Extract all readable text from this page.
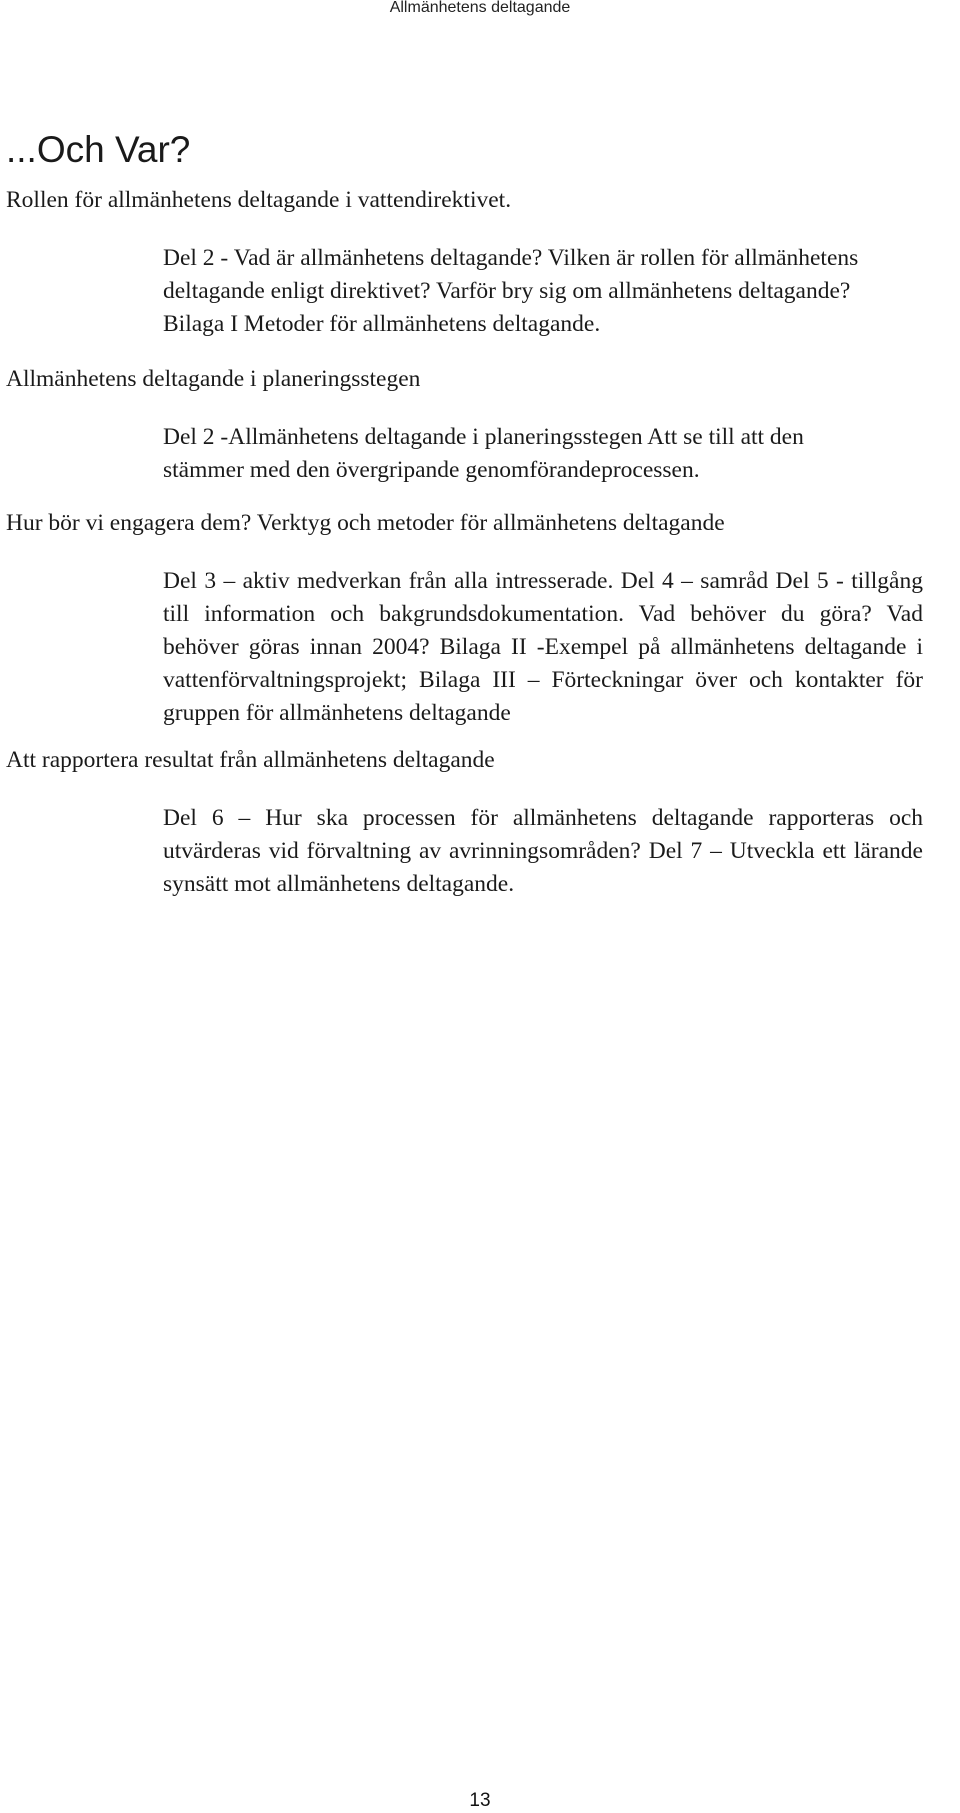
Allmänhetens deltagande
...Och Var?

Rollen för allmänhetens deltagande i vattendirektivet.

Del 2 - Vad är allmänhetens deltagande? Vilken är rollen för allmänhetens deltagande enligt direktivet? Varför bry sig om allmänhetens deltagande? Bilaga I Metoder för allmänhetens deltagande.

Allmänhetens deltagande i planeringsstegen

Del 2 -Allmänhetens deltagande i planeringsstegen Att se till att den stämmer med den övergripande genomförandeprocessen.

Hur bör vi engagera dem? Verktyg och metoder för allmänhetens deltagande

Del 3 – aktiv medverkan från alla intresserade. Del 4 – samråd Del 5 - tillgång till information och bakgrundsdokumentation. Vad behöver du göra? Vad behöver göras innan 2004? Bilaga II -Exempel på allmänhetens deltagande i vattenförvaltningsprojekt; Bilaga III – Förteckningar över och kontakter för gruppen för allmänhetens deltagande

Att rapportera resultat från allmänhetens deltagande

Del 6 – Hur ska processen för allmänhetens deltagande rapporteras och utvärderas vid förvaltning av avrinningsområden? Del 7 – Utveckla ett lärande synsätt mot allmänhetens deltagande.

13
